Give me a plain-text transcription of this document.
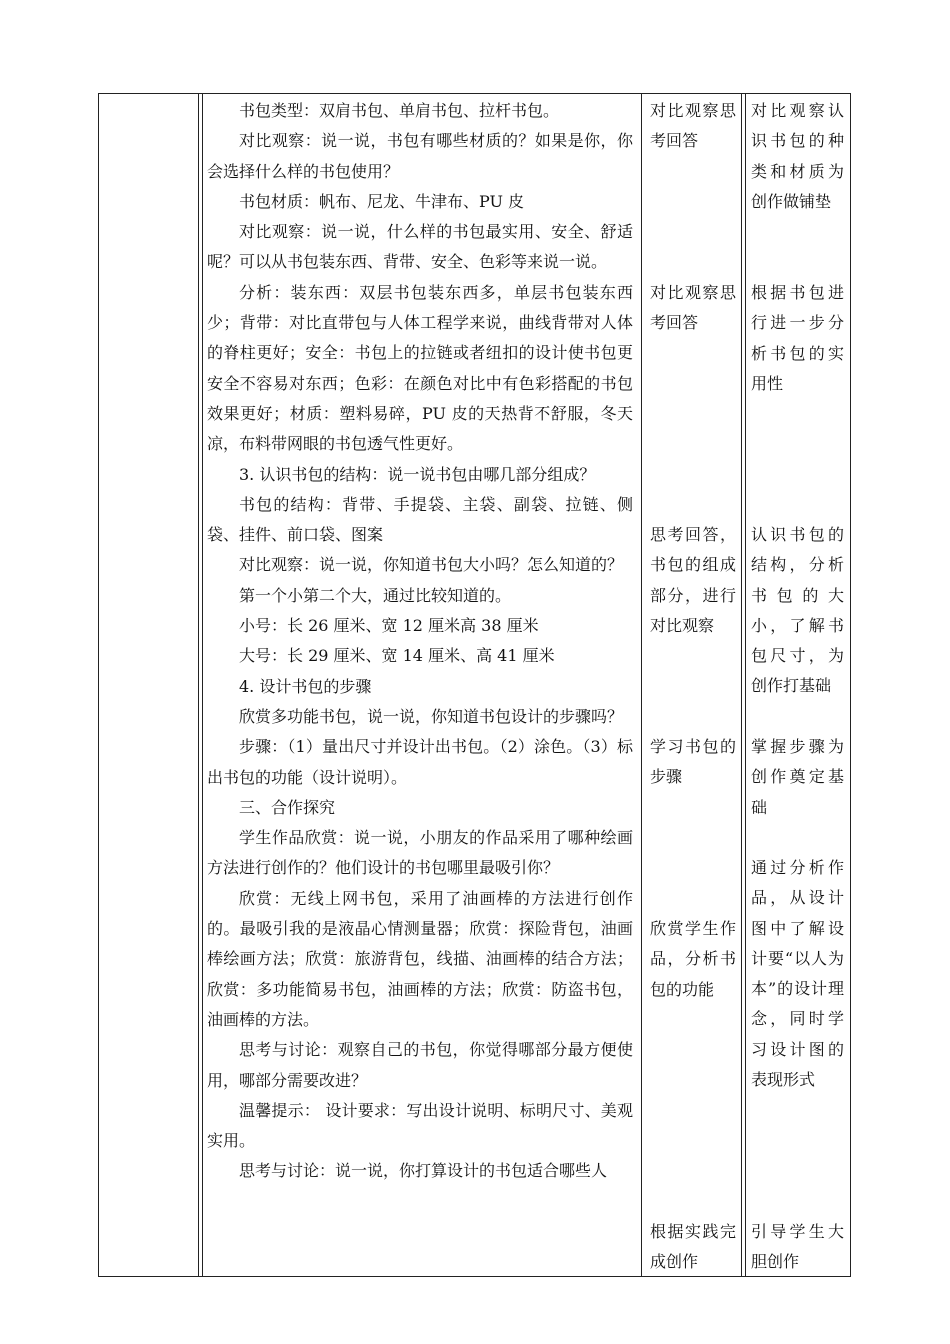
书包类型：双肩书包、单肩书包、拉杆书包。

对比观察：说一说，书包有哪些材质的？如果是你，你会选择什么样的书包使用？

书包材质：帆布、尼龙、牛津布、PU 皮

对比观察：说一说，什么样的书包最实用、安全、舒适呢？可以从书包装东西、背带、安全、色彩等来说一说。

分析：装东西：双层书包装东西多，单层书包装东西少；背带：对比直带包与人体工程学来说，曲线背带对人体的脊柱更好；安全：书包上的拉链或者纽扣的设计使书包更安全不容易对东西；色彩：在颜色对比中有色彩搭配的书包效果更好；材质：塑料易碎，PU 皮的天热背不舒服，冬天凉，布料带网眼的书包透气性更好。

3. 认识书包的结构：说一说书包由哪几部分组成？

书包的结构：背带、手提袋、主袋、副袋、拉链、侧袋、挂件、前口袋、图案

对比观察：说一说，你知道书包大小吗？怎么知道的？

第一个小第二个大，通过比较知道的。

小号：长 26 厘米、宽 12 厘米高 38 厘米

大号：长 29 厘米、宽 14 厘米、高 41 厘米

4. 设计书包的步骤

欣赏多功能书包，说一说，你知道书包设计的步骤吗？

步骤：（1）量出尺寸并设计出书包。（2）涂色。（3）标出书包的功能（设计说明）。

三、合作探究

学生作品欣赏：说一说，小朋友的作品采用了哪种绘画方法进行创作的？他们设计的书包哪里最吸引你？

欣赏：无线上网书包，采用了油画棒的方法进行创作的。最吸引我的是液晶心情测量器；欣赏：探险背包，油画棒绘画方法；欣赏：旅游背包，线描、油画棒的结合方法；欣赏：多功能简易书包，油画棒的方法；欣赏：防盗书包，油画棒的方法。

思考与讨论：观察自己的书包，你觉得哪部分最方便使用，哪部分需要改进？

温馨提示： 设计要求：写出设计说明、标明尺寸、美观实用。

思考与讨论：说一说，你打算设计的书包适合哪些人

对比观察思考回答

对比观察思考回答

思考回答，书包的组成部分，进行对比观察

学习书包的步骤

欣赏学生作品，分析书包的功能

根据实践完成创作

对比观察认识书包的种类和材质为创作做铺垫

根据书包进行进一步分析书包的实用性

认识书包的结构，分析书包的大小，了解书包尺寸，为创作打基础

掌握步骤为创作奠定基础

通过分析作品，从设计图中了解设计要“以人为本”的设计理念，同时学习设计图的表现形式

引导学生大胆创作
